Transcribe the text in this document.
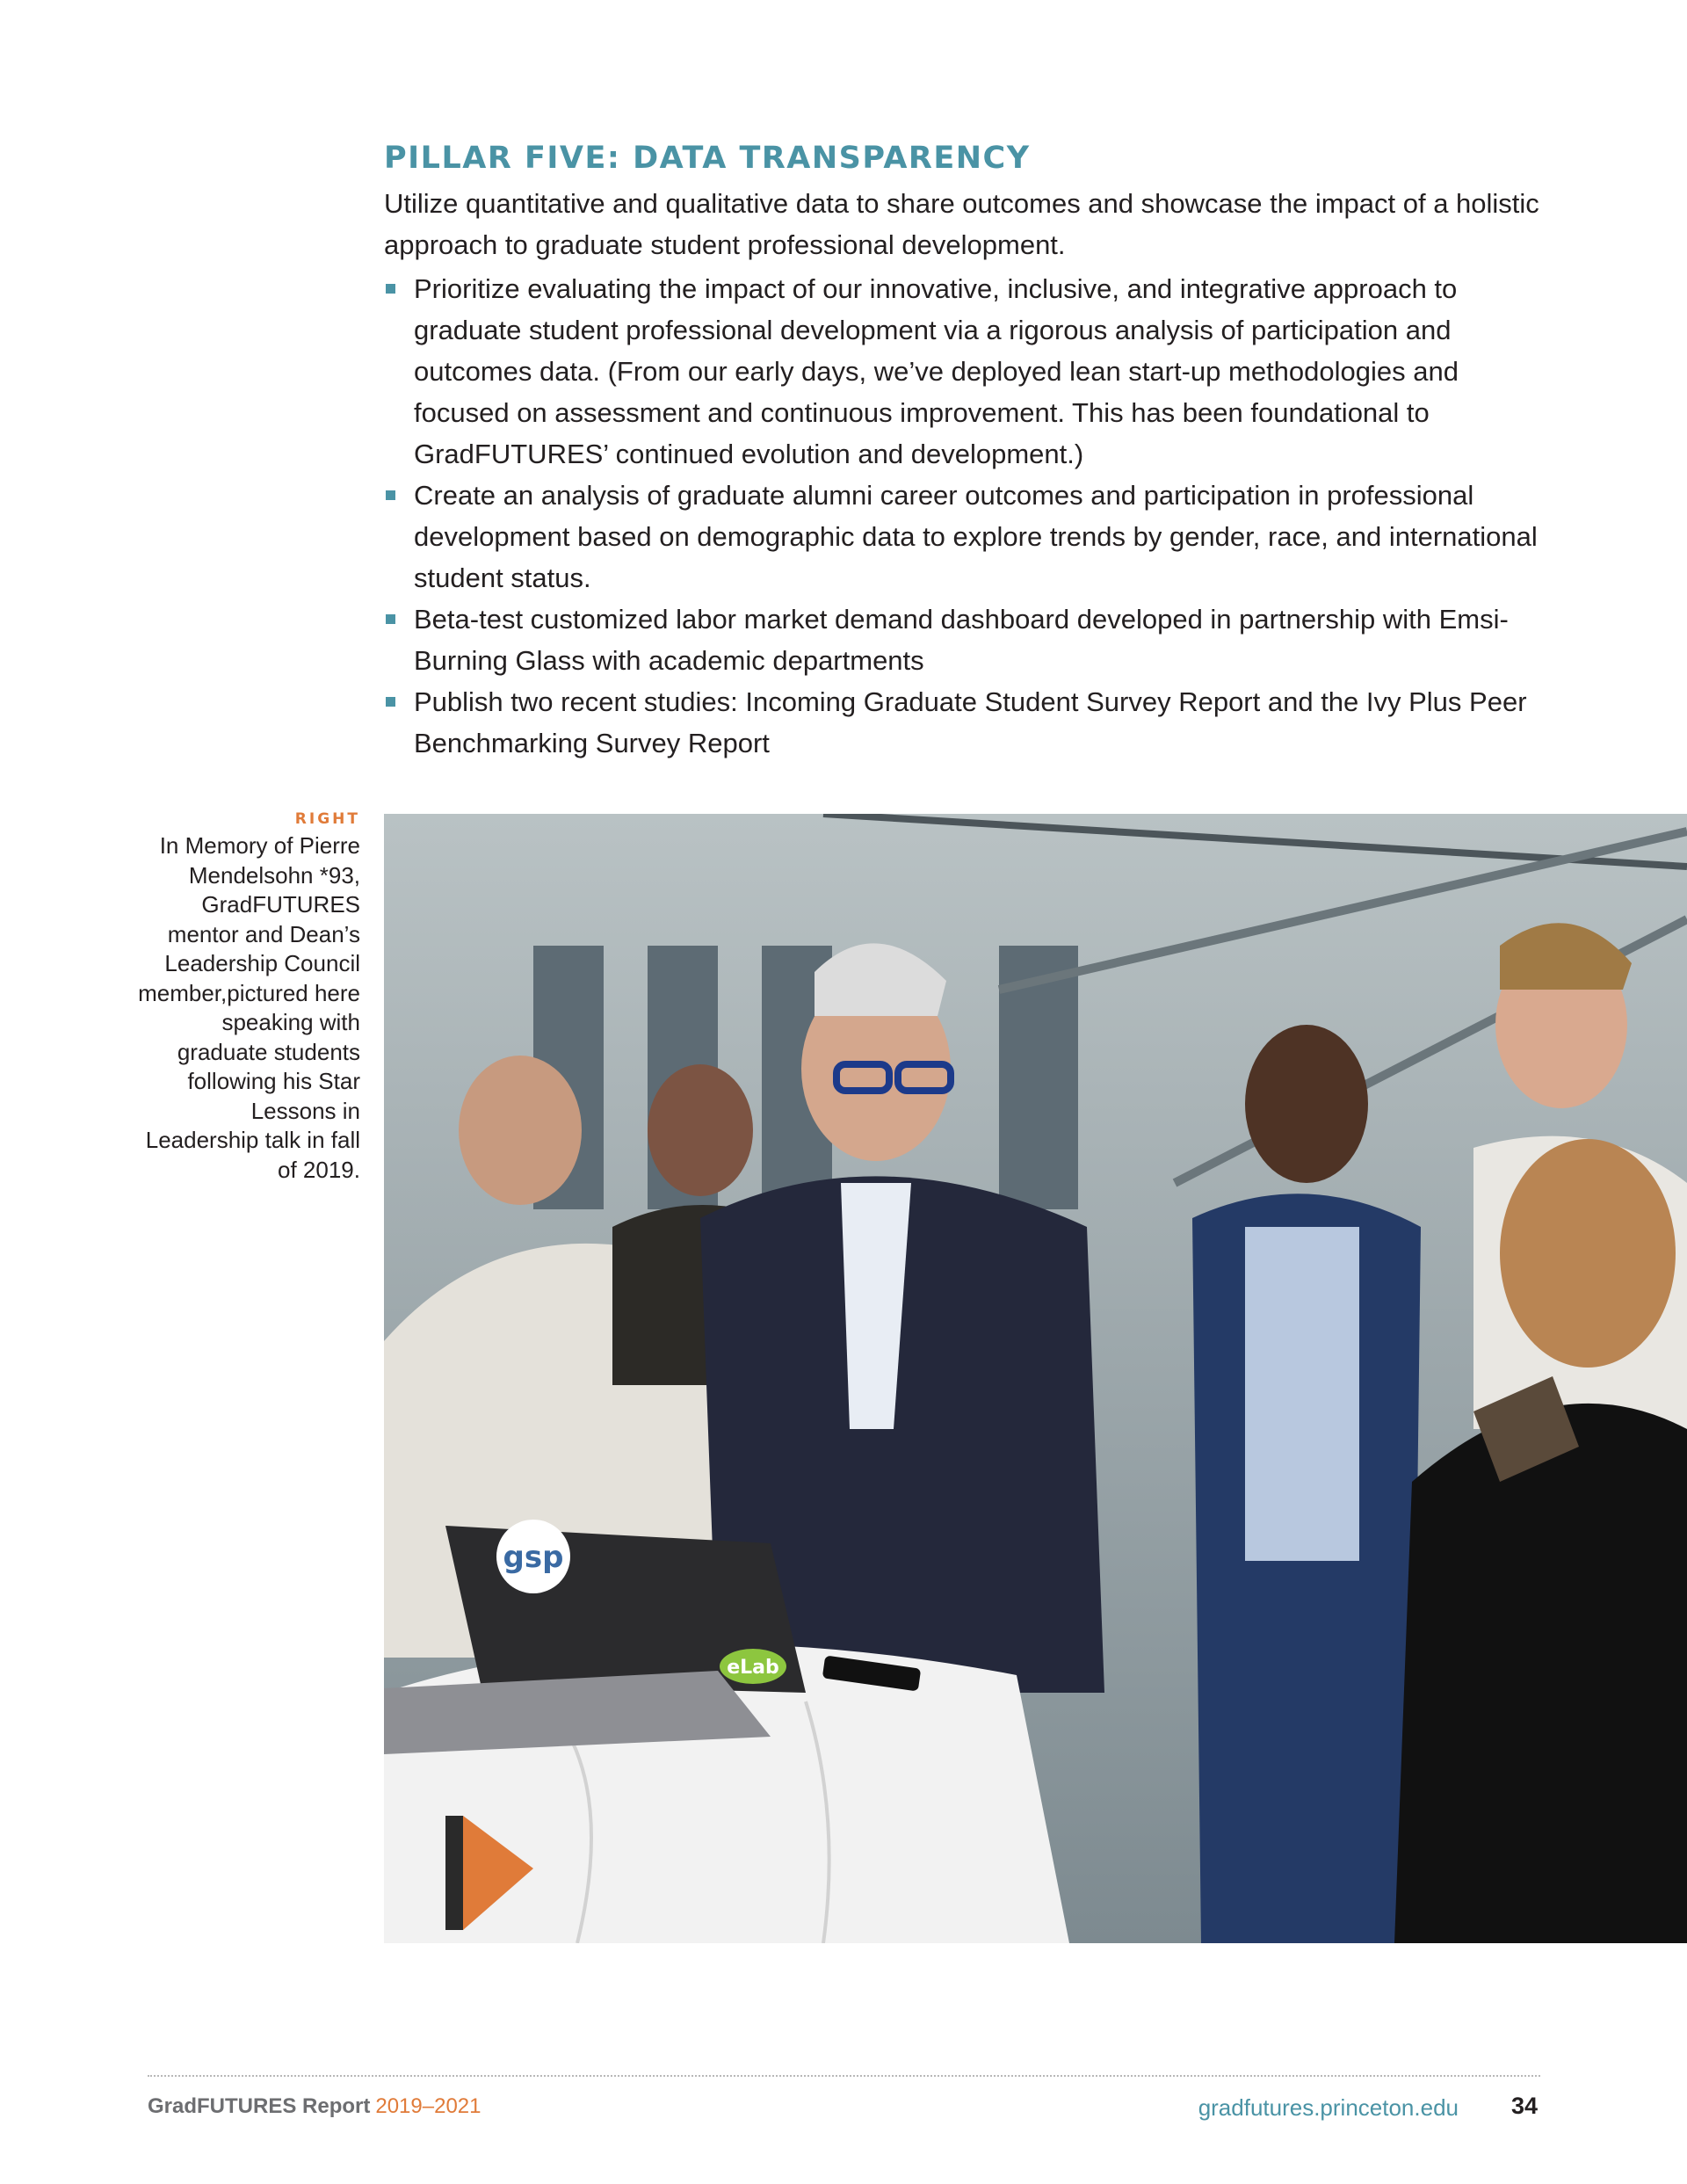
PILLAR FIVE: DATA TRANSPARENCY

Utilize quantitative and qualitative data to share outcomes and showcase the impact of a holistic approach to graduate student professional development.

Prioritize evaluating the impact of our innovative, inclusive, and integrative approach to graduate student professional development via a rigorous analysis of participation and outcomes data. (From our early days, we’ve deployed lean start-up methodologies and focused on assessment and continuous improvement. This has been foundational to GradFUTURES’ continued evolution and development.)
Create an analysis of graduate alumni career outcomes and participation in professional development based on demographic data to explore trends by gender, race, and international student status.
Beta-test customized labor market demand dashboard developed in partnership with Emsi-Burning Glass with academic departments
Publish two recent studies: Incoming Graduate Student Survey Report and the Ivy Plus Peer Benchmarking Survey Report
RIGHT
In Memory of Pierre Mendelsohn *93, GradFUTURES mentor and Dean’s Leadership Council member,pictured here speaking with graduate students following his Star Lessons in Leadership talk in fall of 2019.
gsp
eLab
GradFUTURES Report 2019–2021	gradfutures.princeton.edu 34
